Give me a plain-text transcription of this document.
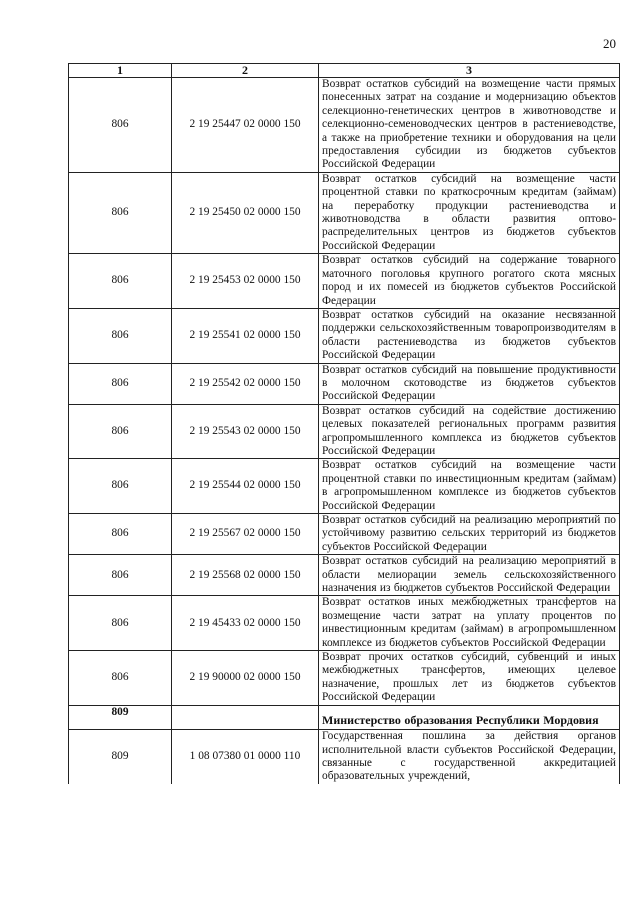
20
1	2	3
806	2 19 25447 02 0000 150	Возврат остатков субсидий на возмещение части прямых понесенных затрат на создание и модернизацию объектов селекционно-генетических центров в животноводстве и селекционно-семеноводческих центров в растениеводстве, а также на приобретение техники и оборудования на цели предоставления субсидии из бюджетов субъектов Российской Федерации
806	2 19 25450 02 0000 150	Возврат остатков субсидий на возмещение части процентной ставки по краткосрочным кредитам (займам) на переработку продукции растениеводства и животноводства в области развития оптово-распределительных центров из бюджетов субъектов Российской Федерации
806	2 19 25453 02 0000 150	Возврат остатков субсидий на содержание товарного маточного поголовья крупного рогатого скота мясных пород и их помесей из бюджетов субъектов Российской Федерации
806	2 19 25541 02 0000 150	Возврат остатков субсидий на оказание несвязанной поддержки сельскохозяйственным товаропроизводителям в области растениеводства из бюджетов субъектов Российской Федерации
806	2 19 25542 02 0000 150	Возврат остатков субсидий на повышение продуктивности в молочном скотоводстве из бюджетов субъектов Российской Федерации
806	2 19 25543 02 0000 150	Возврат остатков субсидий на содействие достижению целевых показателей региональных программ развития агропромышленного комплекса из бюджетов субъектов Российской Федерации
806	2 19 25544 02 0000 150	Возврат остатков субсидий на возмещение части процентной ставки по инвестиционным кредитам (займам) в агропромышленном комплексе из бюджетов субъектов Российской Федерации
806	2 19 25567 02 0000 150	Возврат остатков субсидий на реализацию мероприятий по устойчивому развитию сельских территорий из бюджетов субъектов Российской Федерации
806	2 19 25568 02 0000 150	Возврат остатков субсидий на реализацию мероприятий в области мелиорации земель сельскохозяйственного назначения из бюджетов субъектов Российской Федерации
806	2 19 45433 02 0000 150	Возврат остатков иных межбюджетных трансфертов на возмещение части затрат на уплату процентов по инвестиционным кредитам (займам) в агропромышленном комплексе из бюджетов субъектов Российской Федерации
806	2 19 90000 02 0000 150	Возврат прочих остатков субсидий, субвенций и иных межбюджетных трансфертов, имеющих целевое назначение, прошлых лет из бюджетов субъектов Российской Федерации
809		Министерство образования Республики Мордовия
809	1 08 07380 01 0000 110	Государственная пошлина за действия органов исполнительной власти субъектов Российской Федерации, связанные с государственной аккредитацией образовательных учреждений,
